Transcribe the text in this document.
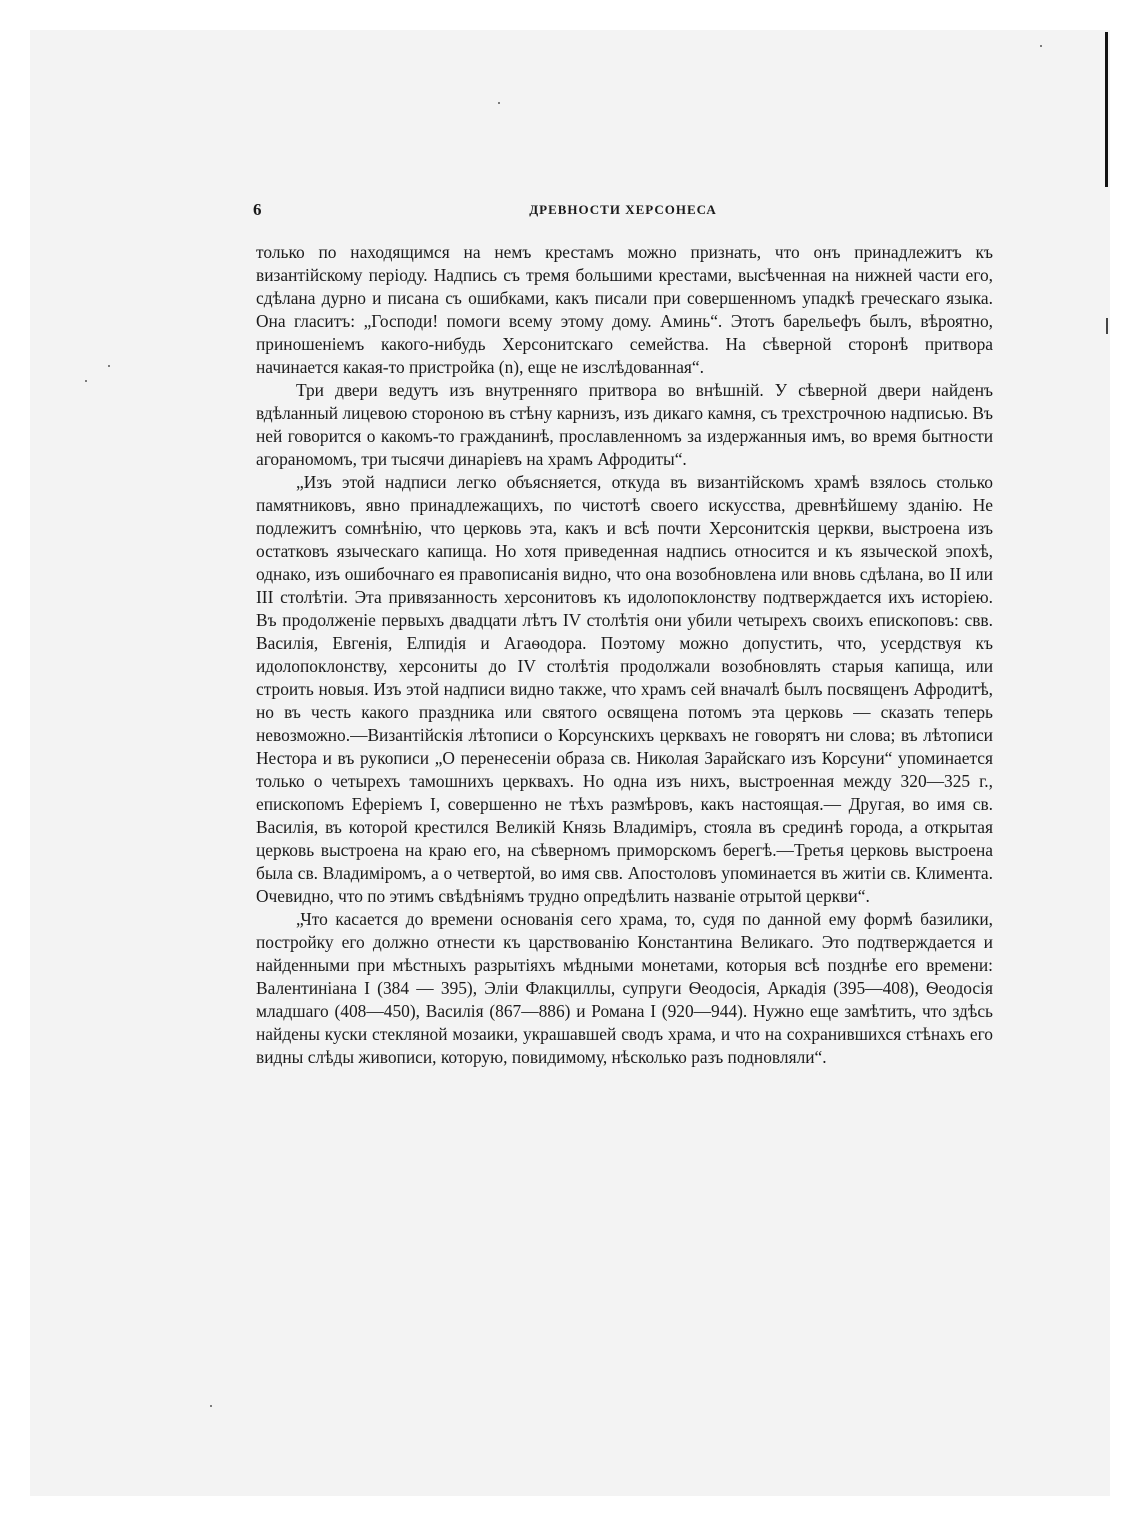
6	ДРЕВНОСТИ ХЕРСОНЕСА

только по находящимся на немъ крестамъ можно признать, что онъ принадлежитъ къ византійскому періоду. Надпись съ тремя большими крестами, высѣченная на нижней части его, сдѣлана дурно и писана съ ошибками, какъ писали при совершенномъ упадкѣ греческаго языка. Она гласитъ: „Господи! помоги всему этому дому. Аминь“. Этотъ барельефъ былъ, вѣроятно, приношеніемъ какого-нибудь Херсонитскаго семейства. На сѣверной сторонѣ притвора начинается какая-то пристройка (n), еще не изслѣдованная“.

Три двери ведутъ изъ внутренняго притвора во внѣшній. У сѣверной двери найденъ вдѣланный лицевою стороною въ стѣну карнизъ, изъ дикаго камня, съ трехстрочною надписью. Въ ней говорится о какомъ-то гражданинѣ, прославленномъ за издержанныя имъ, во время бытности агораномомъ, три тысячи динаріевъ на храмъ Афродиты“.

„Изъ этой надписи легко объясняется, откуда въ византійскомъ храмѣ взялось столько памятниковъ, явно принадлежащихъ, по чистотѣ своего искусства, древнѣйшему зданію. Не подлежитъ сомнѣнію, что церковь эта, какъ и всѣ почти Херсонитскія церкви, выстроена изъ остатковъ языческаго капища. Но хотя приведенная надпись относится и къ языческой эпохѣ, однако, изъ ошибочнаго ея правописанія видно, что она возобновлена или вновь сдѣлана, во II или III столѣтіи. Эта привязанность херсонитовъ къ идолопоклонству подтверждается ихъ исторіею. Въ продолженіе первыхъ двадцати лѣтъ IV столѣтія они убили четырехъ своихъ епископовъ: свв. Василія, Евгенія, Елпидія и Агаѳодора. Поэтому можно допустить, что, усердствуя къ идолопоклонству, херсониты до IV столѣтія продолжали возобновлять старыя капища, или строить новыя. Изъ этой надписи видно также, что храмъ сей вначалѣ былъ посвященъ Афродитѣ, но въ честь какого праздника или святого освящена потомъ эта церковь — сказать теперь невозможно.—Византійскія лѣтописи о Корсунскихъ церквахъ не говорятъ ни слова; въ лѣтописи Нестора и въ рукописи „О перенесеніи образа св. Николая Зарайскаго изъ Корсуни“ упоминается только о четырехъ тамошнихъ церквахъ. Но одна изъ нихъ, выстроенная между 320—325 г., епископомъ Еферіемъ I, совершенно не тѣхъ размѣровъ, какъ настоящая.— Другая, во имя св. Василія, въ которой крестился Великій Князь Владиміръ, стояла въ срединѣ города, а открытая церковь выстроена на краю его, на сѣверномъ приморскомъ берегѣ.—Третья церковь выстроена была св. Владиміромъ, а о четвертой, во имя свв. Апостоловъ упоминается въ житіи св. Климента. Очевидно, что по этимъ свѣдѣніямъ трудно опредѣлить названіе отрытой церкви“.

„Что касается до времени основанія сего храма, то, судя по данной ему формѣ базилики, постройку его должно отнести къ царствованію Константина Великаго. Это подтверждается и найденными при мѣстныхъ разрытіяхъ мѣдными монетами, которыя всѣ позднѣе его времени: Валентиніана I (384 — 395), Эліи Флакциллы, супруги Ѳеодосія, Аркадія (395—408), Ѳеодосія младшаго (408—450), Василія (867—886) и Романа I (920—944). Нужно еще замѣтить, что здѣсь найдены куски стекляной мозаики, украшавшей сводъ храма, и что на сохранившихся стѣнахъ его видны слѣды живописи, которую, повидимому, нѣсколько разъ подновляли“.
